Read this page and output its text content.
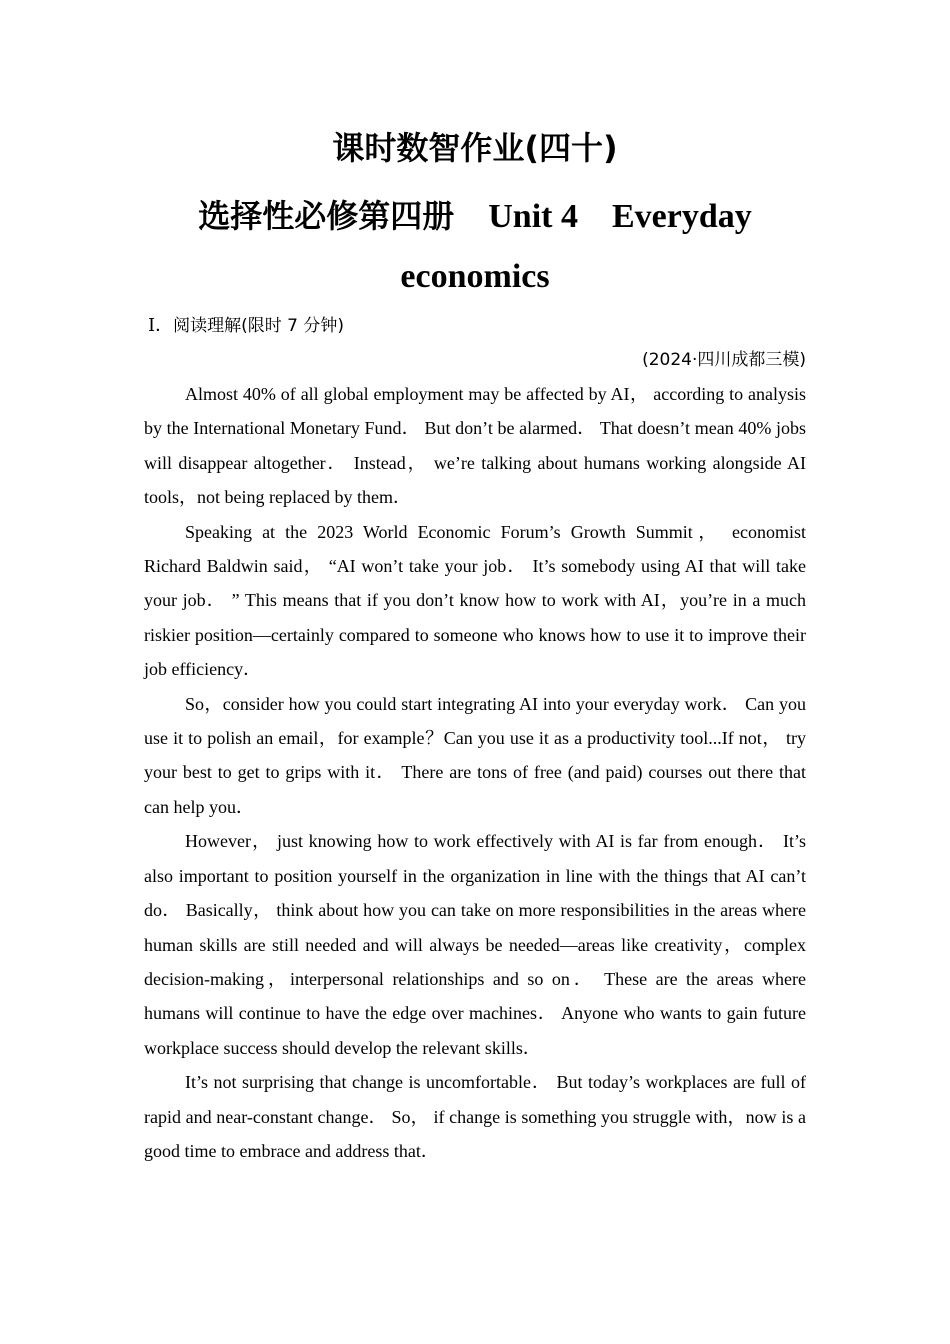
课时数智作业(四十)
选择性必修第四册 Unit 4 Everyday
economics
Ⅰ．阅读理解(限时 7 分钟)
(2024·四川成都三模)

Almost 40% of all global employment may be affected by AI， according to analysis by the International Monetary Fund． But don’t be alarmed． That doesn’t mean 40% jobs will disappear altogether． Instead， we’re talking about humans working alongside AI tools，not being replaced by them．

Speaking at the 2023 World Economic Forum’s Growth Summit， economist Richard Baldwin said， “AI won’t take your job． It’s somebody using AI that will take your job． ” This means that if you don’t know how to work with AI，you’re in a much riskier position—certainly compared to someone who knows how to use it to improve their job efficiency．

So，consider how you could start integrating AI into your everyday work． Can you use it to polish an email，for example？Can you use it as a productivity tool...If not， try your best to get to grips with it． There are tons of free (and paid) courses out there that can help you．

However， just knowing how to work effectively with AI is far from enough． It’s also important to position yourself in the organization in line with the things that AI can’t do． Basically， think about how you can take on more responsibilities in the areas where human skills are still needed and will always be needed—areas like creativity，complex decision-making，interpersonal relationships and so on． These are the areas where humans will continue to have the edge over machines． Anyone who wants to gain future workplace success should develop the relevant skills．

It’s not surprising that change is uncomfortable． But today’s workplaces are full of rapid and near-constant change． So， if change is something you struggle with，now is a good time to embrace and address that．
